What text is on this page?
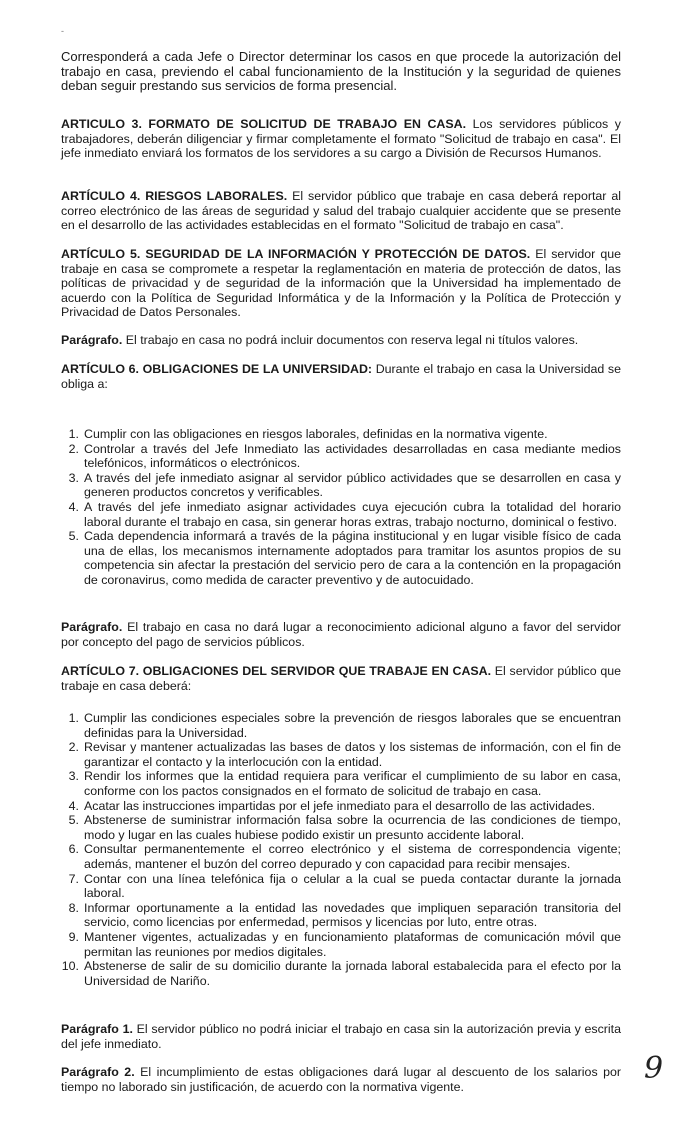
-

Corresponderá a cada Jefe o Director determinar los casos en que procede la autorización del trabajo en casa, previendo el cabal funcionamiento de la Institución y la seguridad de quienes deban seguir prestando sus servicios de forma presencial.

ARTICULO 3. FORMATO DE SOLICITUD DE TRABAJO EN CASA. Los servidores públicos y trabajadores, deberán diligenciar y firmar completamente el formato "Solicitud de trabajo en casa". El jefe inmediato enviará los formatos de los servidores a su cargo a División de Recursos Humanos.

ARTÍCULO 4. RIESGOS LABORALES. El servidor público que trabaje en casa deberá reportar al correo electrónico de las áreas de seguridad y salud del trabajo cualquier accidente que se presente en el desarrollo de las actividades establecidas en el formato "Solicitud de trabajo en casa".

ARTÍCULO 5. SEGURIDAD DE LA INFORMACIÓN Y PROTECCIÓN DE DATOS. El servidor que trabaje en casa se compromete a respetar la reglamentación en materia de protección de datos, las políticas de privacidad y de seguridad de la información que la Universidad ha implementado de acuerdo con la Política de Seguridad Informática y de la Información y la Política de Protección y Privacidad de Datos Personales.

Parágrafo. El trabajo en casa no podrá incluir documentos con reserva legal ni títulos valores.

ARTÍCULO 6. OBLIGACIONES DE LA UNIVERSIDAD: Durante el trabajo en casa la Universidad se obliga a:

1 . Cumplir con las obligaciones en riesgos laborales, definidas en la normativa vigente.
2 . Controlar a través del Jefe Inmediato las actividades desarrolladas en casa mediante medios telefónicos, informáticos o electrónicos.
3 . A través del jefe inmediato asignar al servidor público actividades que se desarrollen en casa y generen productos concretos y verificables.
4 . A través del jefe inmediato asignar actividades cuya ejecución cubra la totalidad del horario laboral durante el trabajo en casa, sin generar horas extras, trabajo nocturno, dominical o festivo.
5 . Cada dependencia informará a través de la página institucional y en lugar visible físico de cada una de ellas, los mecanismos internamente adoptados para tramitar los asuntos propios de su competencia sin afectar la prestación del servicio pero de cara a la contención en la propagación de coronavirus, como medida de caracter preventivo y de autocuidado.

Parágrafo. El trabajo en casa no dará lugar a reconocimiento adicional alguno a favor del servidor por concepto del pago de servicios públicos.

ARTÍCULO 7. OBLIGACIONES DEL SERVIDOR QUE TRABAJE EN CASA. El servidor público que trabaje en casa deberá:

1 . Cumplir las condiciones especiales sobre la prevención de riesgos laborales que se encuentran definidas para la Universidad.
2 . Revisar y mantener actualizadas las bases de datos y los sistemas de información, con el fin de garantizar el contacto y la interlocución con la entidad.
3 . Rendir los informes que la entidad requiera para verificar el cumplimiento de su labor en casa, conforme con los pactos consignados en el formato de solicitud de trabajo en casa.
4 . Acatar las instrucciones impartidas por el jefe inmediato para el desarrollo de las actividades.
5 . Abstenerse de suministrar información falsa sobre la ocurrencia de las condiciones de tiempo, modo y lugar en las cuales hubiese podido existir un presunto accidente laboral.
6 . Consultar permanentemente el correo electrónico y el sistema de correspondencia vigente; además, mantener el buzón del correo depurado y con capacidad para recibir mensajes.
7 . Contar con una línea telefónica fija o celular a la cual se pueda contactar durante la jornada laboral.
8 . Informar oportunamente a la entidad las novedades que impliquen separación transitoria del servicio, como licencias por enfermedad, permisos y licencias por luto, entre otras.
9 . Mantener vigentes, actualizadas y en funcionamiento plataformas de comunicación móvil que permitan las reuniones por medios digitales.
10 . Abstenerse de salir de su domicilio durante la jornada laboral estabalecida para el efecto por la Universidad de Nariño.

Parágrafo 1. El servidor público no podrá iniciar el trabajo en casa sin la autorización previa y escrita del jefe inmediato.

Parágrafo 2. El incumplimiento de estas obligaciones dará lugar al descuento de los salarios por tiempo no laborado sin justificación, de acuerdo con la normativa vigente.

9
